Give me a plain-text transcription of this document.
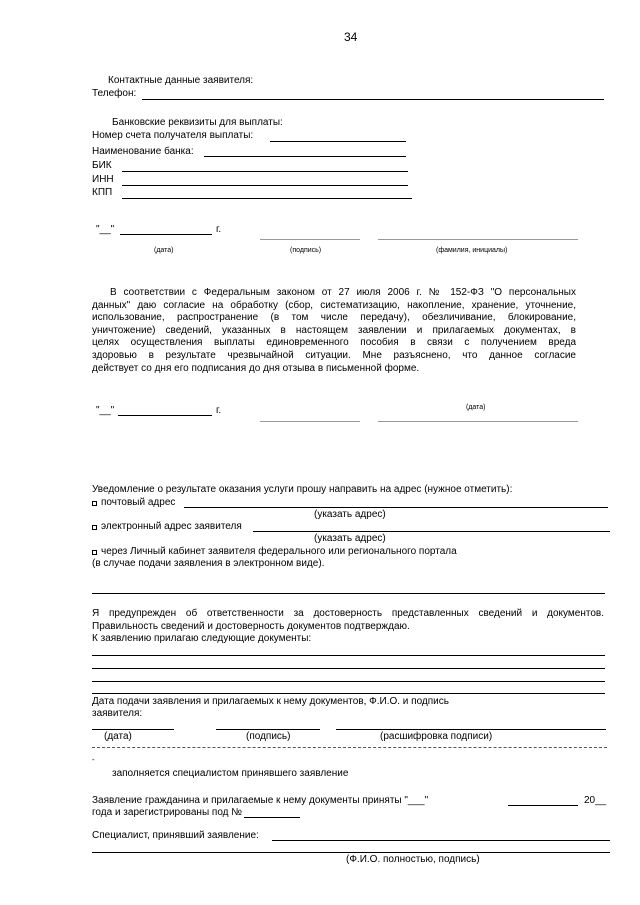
34
Контактные данные заявителя:
Телефон:
Банковские реквизиты для выплаты:
Номер счета получателя выплаты:
Наименование банка:
БИК
ИНН
КПП
"__"	г.
(дата)	(подпись)	(фамилия, инициалы)
В соответствии с Федеральным законом от 27 июля 2006 г. № 152-ФЗ "О персональных
данных" даю согласие на обработку (сбор, систематизацию, накопление, хранение, уточнение,
использование, распространение (в том числе передачу), обезличивание, блокирование,
уничтожение) сведений, указанных в настоящем заявлении и прилагаемых документах, в
целях осуществления выплаты единовременного пособия в связи с получением вреда
здоровью в результате чрезвычайной ситуации. Мне разъяснено, что данное согласие
действует со дня его подписания до дня отзыва в письменной форме.
"__"	г.	(дата)
Уведомление о результате оказания услуги прошу направить на адрес (нужное отметить):
почтовый адрес
(указать адрес)
электронный адрес заявителя
(указать адрес)
через Личный кабинет заявителя федерального или регионального портала
(в случае подачи заявления в электронном виде).
Я предупрежден об ответственности за достоверность представленных сведений и документов.
Правильность сведений и достоверность документов подтверждаю.
К заявлению прилагаю следующие документы:
Дата подачи заявления и прилагаемых к нему документов, Ф.И.О. и подпись
заявителя:
(дата)	(подпись)	(расшифровка подписи)
-
заполняется специалистом принявшего заявление
Заявление гражданина и прилагаемые к нему документы приняты "___"	20__
года и зарегистрированы под №
Специалист, принявший заявление:
(Ф.И.О. полностью, подпись)
